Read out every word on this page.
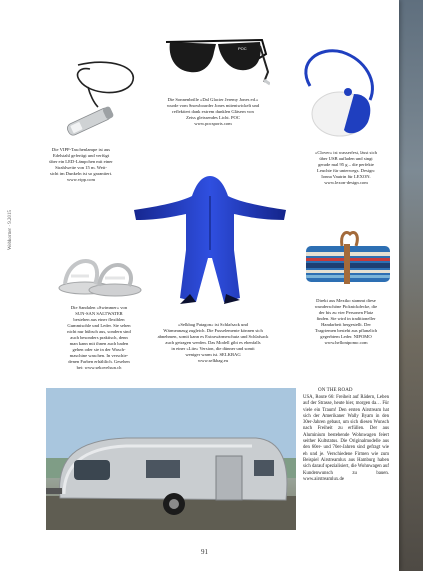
Webkorner · 9.2015

Die VIPP-Taschenlampe ist aus

Edelstahl gefertigt und verfügt

über ein LED-Lämpchen mit einer

Strahlweite von 15 m. Weit-

sicht im Dunkeln ist so garantiert.

www.vipp.com

POC

Die Sonnenbrille »Dal Glacier Jeremy Jones ed.«

wurde vom Snowboarder Jones mitentwickelt und

reflektiert dank extrem dunklen Gläsern von

Zeiss gleissendes Licht. POC

www.pocsports.com

»Clover« ist wasserfest, lässt sich

über USB aufladen und singt

gerade mal 95 g – die perfekte

Leuchte für unterwegs. Design:

Ionna Vautrin für LEXON.

www.lexon-design.com

»Selkbag Patagon« ist Schlafsack und

Wärmeanzug zugleich. Die Fusselemente können sich

abnehmen, somit kann es Extrawärmeschutz und Schlafsack

auch getragen werden. Das Modell gibt es ebenfalls

in einer »Lite« Version, die dünner und somit

weniger warm ist. SELKBAG

www.selkbag.eu

Die Sandalen »Swimmer« von

SUN-SAN SALTWATER

bestehen aus einer flexiblen

Gummisohle und Leder. Sie sehen

nicht nur hübsch aus, sondern sind

auch besonders praktisch, denn

man kann mit ihnen auch baden

gehen oder sie in der Wasch-

maschine waschen. In verschie-

denen Farben erhältlich. Gesehen

bei: www.sekovelsun.ch

Direkt aus Mexiko stammt diese

wunderschöne Picknickdecke, die

der bis zu vier Personen Platz

finden. Sie wird in traditioneller

Handarbeit hergestellt. Der

Tragriemen besteht aus pflanzlich

gegerbtem Leder. NIPOMO

www.hellonipomo.com

ON THE ROAD
USA, Route 66: Freiheit auf Rädern, Leben auf der Strasse, heute hier, morgen da… Für viele ein Traum! Den ersten Airstream hat sich der Amerikaner Wally Byam in den 30er-Jahren gebaut, um sich diesen Wunsch nach Freiheit zu erfüllen. Der aus Aluminium bestehende Wohnwagen feiert seither Kultstatus. Die Originalmodelle aus den 60er- und 70er-Jahren sind gefragt wie eh und je. Verschiedene Firmen wie zum Beispiel Airstreamlux aus Hamburg haben sich darauf spezialisiert, die Wohnwagen auf Kundenwunsch zu bauen. www.airstreamlux.de
91
